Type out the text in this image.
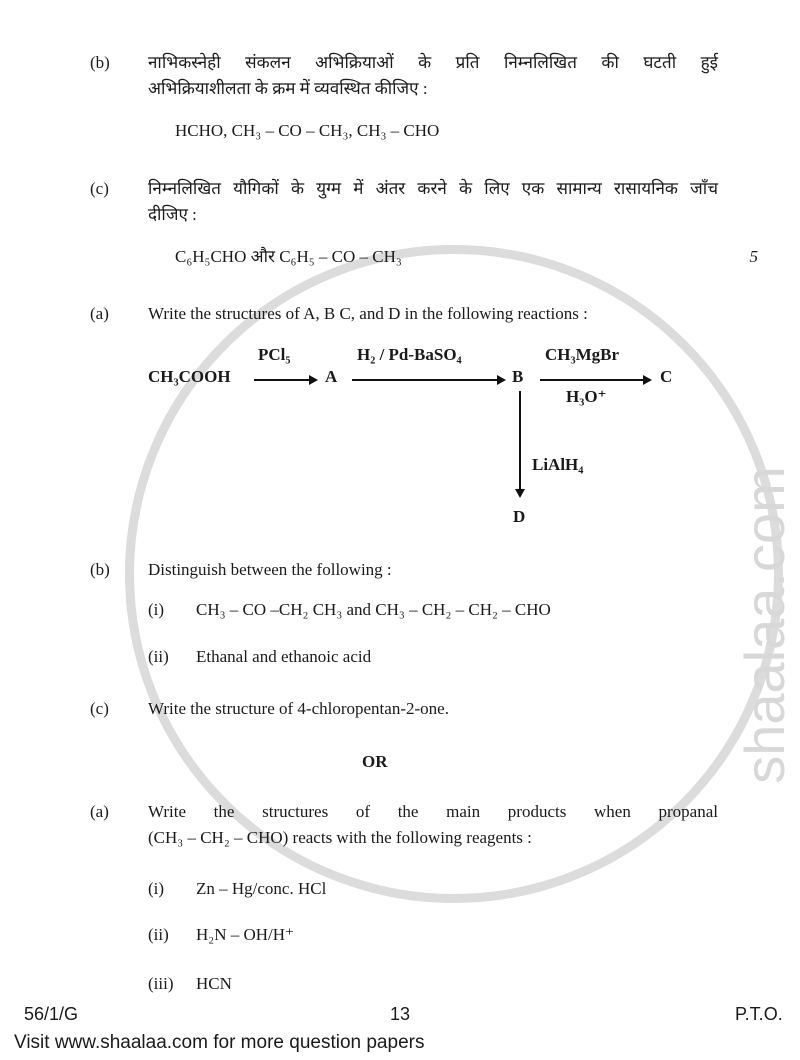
shaalaa.com
(b)	नाभिकस्नेही संकलन अभिक्रियाओं के प्रति निम्नलिखित की घटती हुई
अभिक्रियाशीलता के क्रम में व्यवस्थित कीजिए :
HCHO, CH₃ – CO – CH₃, CH₃ – CHO
(c)	निम्नलिखित यौगिकों के युग्म में अंतर करने के लिए एक सामान्य रासायनिक जाँच
दीजिए :
C₆H₅CHO और C₆H₅ – CO – CH₃	5
(a)	Write the structures of A, B C, and D in the following reactions :
CH₃COOH
PCl₅
A
H₂ / Pd-BaSO₄
B
CH₃MgBr
H₃O⁺
C
LiAlH₄
D
(b)	Distinguish between the following :
(i)	CH₃ – CO –CH₂ CH₃ and CH₃ – CH₂ – CH₂ – CHO
(ii)	Ethanal and ethanoic acid
(c)	Write the structure of 4-chloropentan-2-one.
OR
(a)	Write the structures of the main products when propanal
(CH₃ – CH₂ – CHO) reacts with the following reagents :
(i)	Zn – Hg/conc. HCl
(ii)	H₂N – OH/H⁺
(iii)	HCN
56/1/G	13	P.T.O.
Visit www.shaalaa.com for more question papers
